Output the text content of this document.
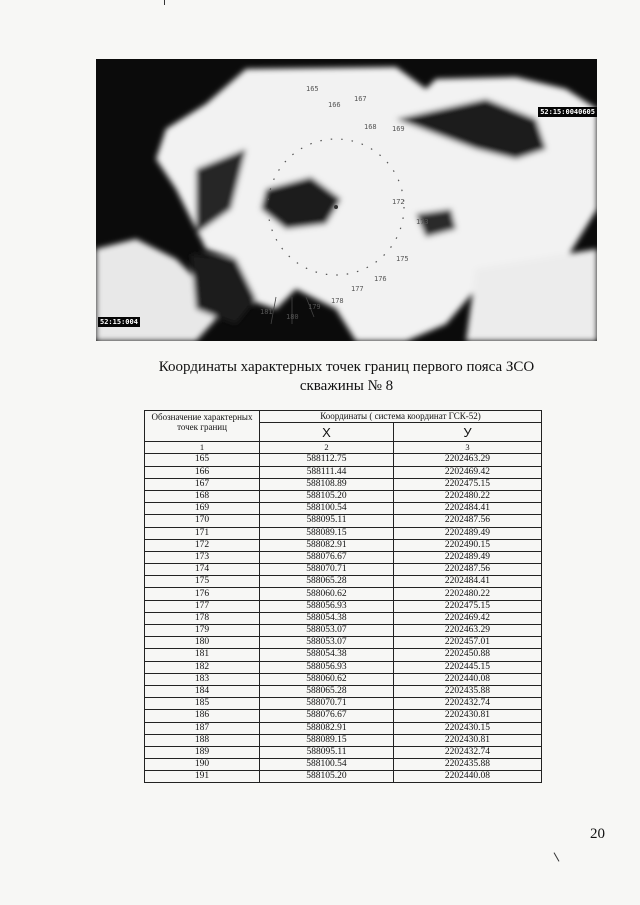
165
166
167
168 169
172
173
175
176
177
178
179
180
181
52:15:0040605
52:15:004
Координаты характерных точек границ первого пояса ЗСО
скважины № 8
Обозначение характерных точек границ	Координаты ( система координат ГСК-52)	
	X	У
1	2	3
165	588112.75	2202463.29
166	588111.44	2202469.42
167	588108.89	2202475.15
168	588105.20	2202480.22
169	588100.54	2202484.41
170	588095.11	2202487.56
171	588089.15	2202489.49
172	588082.91	2202490.15
173	588076.67	2202489.49
174	588070.71	2202487.56
175	588065.28	2202484.41
176	588060.62	2202480.22
177	588056.93	2202475.15
178	588054.38	2202469.42
179	588053.07	2202463.29
180	588053.07	2202457.01
181	588054.38	2202450.88
182	588056.93	2202445.15
183	588060.62	2202440.08
184	588065.28	2202435.88
185	588070.71	2202432.74
186	588076.67	2202430.81
187	588082.91	2202430.15
188	588089.15	2202430.81
189	588095.11	2202432.74
190	588100.54	2202435.88
191	588105.20	2202440.08
20
